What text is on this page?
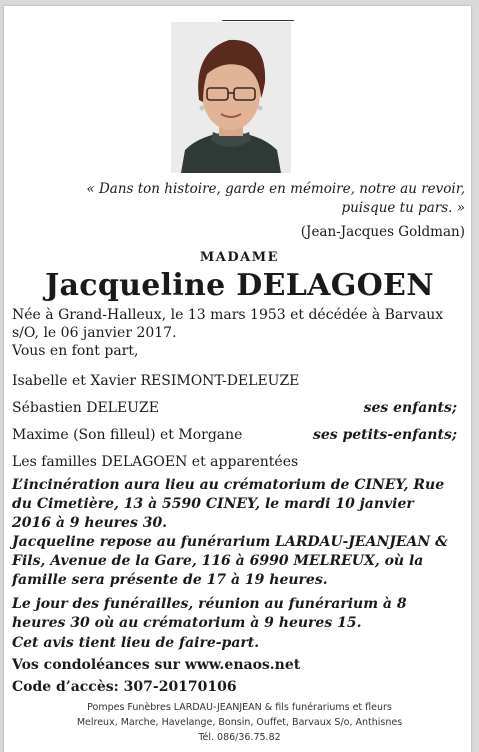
« Dans ton histoire, garde en mémoire, notre au revoir,
puisque tu pars. »
(Jean-Jacques Goldman)
MADAME
Jacqueline DELAGOEN
Née à Grand-Halleux, le 13 mars 1953 et décédée à Barvaux s/O, le 06 janvier 2017.
Vous en font part,
Isabelle et Xavier RESIMONT-DELEUZE
Sébastien DELEUZE	ses enfants;
Maxime (Son filleul) et Morgane	ses petits-enfants;
Les familles DELAGOEN et apparentées
L’incinération aura lieu au crématorium de CINEY, Rue du Cimetière, 13 à 5590 CINEY, le mardi 10 janvier 2016 à 9 heures 30.
Jacqueline repose au funérarium LARDAU-JEANJEAN & Fils, Avenue de la Gare, 116 à 6990 MELREUX, où la famille sera présente de 17 à 19 heures.
Le jour des funérailles, réunion au funérarium à 8 heures 30 où au crématorium à 9 heures 15.
Cet avis tient lieu de faire-part.
Vos condoléances sur www.enaos.net
Code d’accès: 307-20170106
Pompes Funèbres LARDAU-JEANJEAN & fils funérariums et fleurs
Melreux, Marche, Havelange, Bonsin, Ouffet, Barvaux S/o, Anthisnes
Tél. 086/36.75.82
